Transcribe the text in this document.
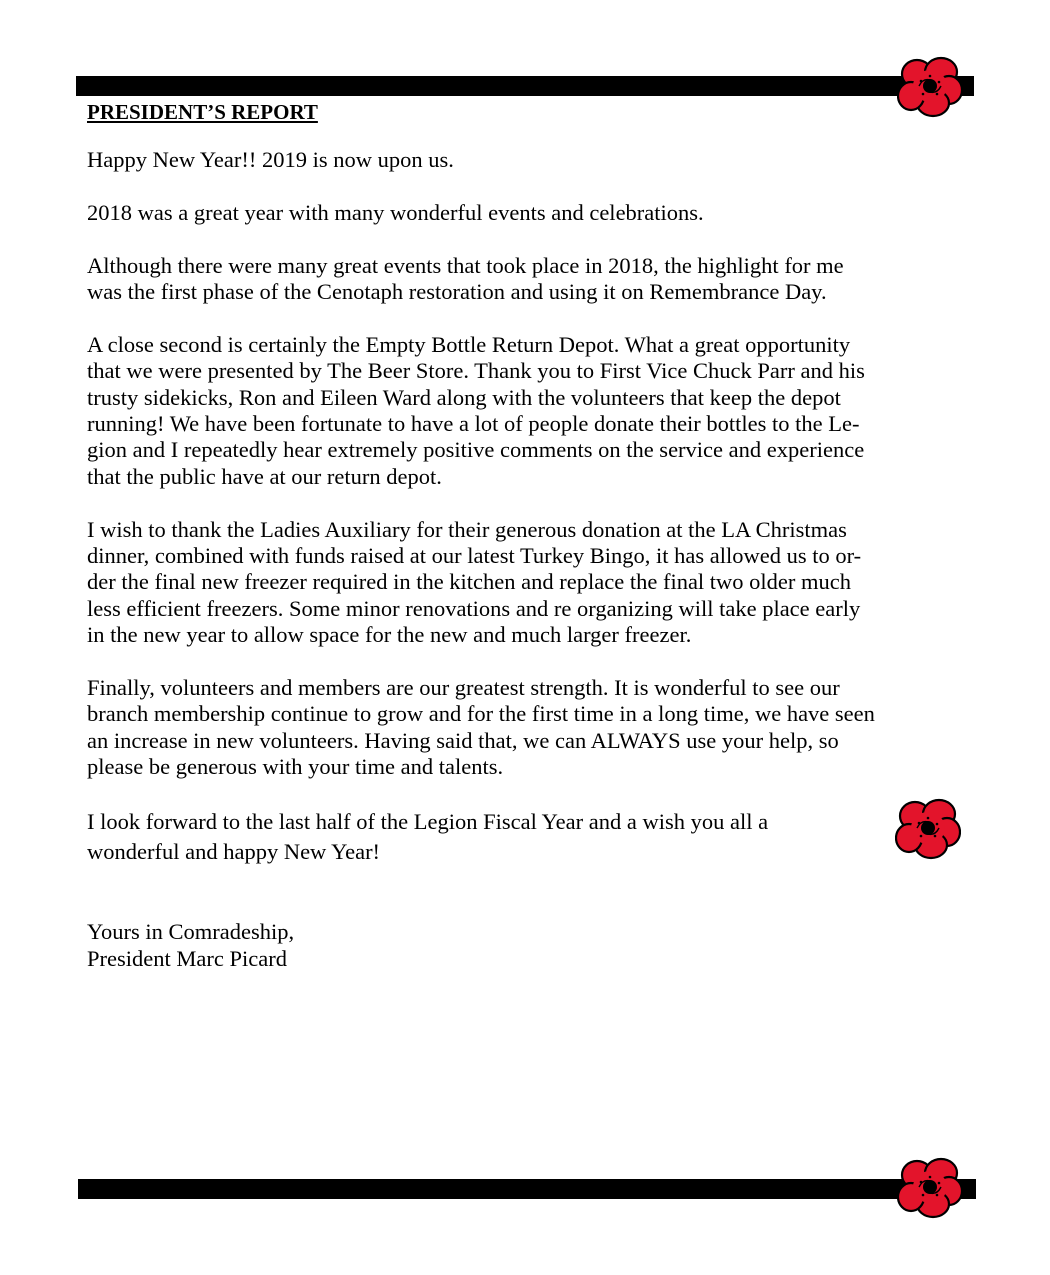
PRESIDENT’S REPORT
Happy New Year!! 2019 is now upon us.
2018 was a great year with many wonderful events and celebrations.
Although there were many great events that took place in 2018, the highlight for me
was the first phase of the Cenotaph restoration and using it on Remembrance Day.
A close second is certainly the Empty Bottle Return Depot. What a great opportunity
that we were presented by The Beer Store. Thank you to First Vice Chuck Parr and his
trusty sidekicks, Ron and Eileen Ward along with the volunteers that keep the depot
running! We have been fortunate to have a lot of people donate their bottles to the Le-
gion and I repeatedly hear extremely positive comments on the service and experience
that the public have at our return depot.
I wish to thank the Ladies Auxiliary for their generous donation at the LA Christmas
dinner, combined with funds raised at our latest Turkey Bingo, it has allowed us to or-
der the final new freezer required in the kitchen and replace the final two older much
less efficient freezers. Some minor renovations and re organizing will take place early
in the new year to allow space for the new and much larger freezer.
Finally, volunteers and members are our greatest strength. It is wonderful to see our
branch membership continue to grow and for the first time in a long time, we have seen
an increase in new volunteers. Having said that, we can ALWAYS use your help, so
please be generous with your time and talents.
I look forward to the last half of the Legion Fiscal Year and a wish you all a
wonderful and happy New Year!
Yours in Comradeship,
President Marc Picard
